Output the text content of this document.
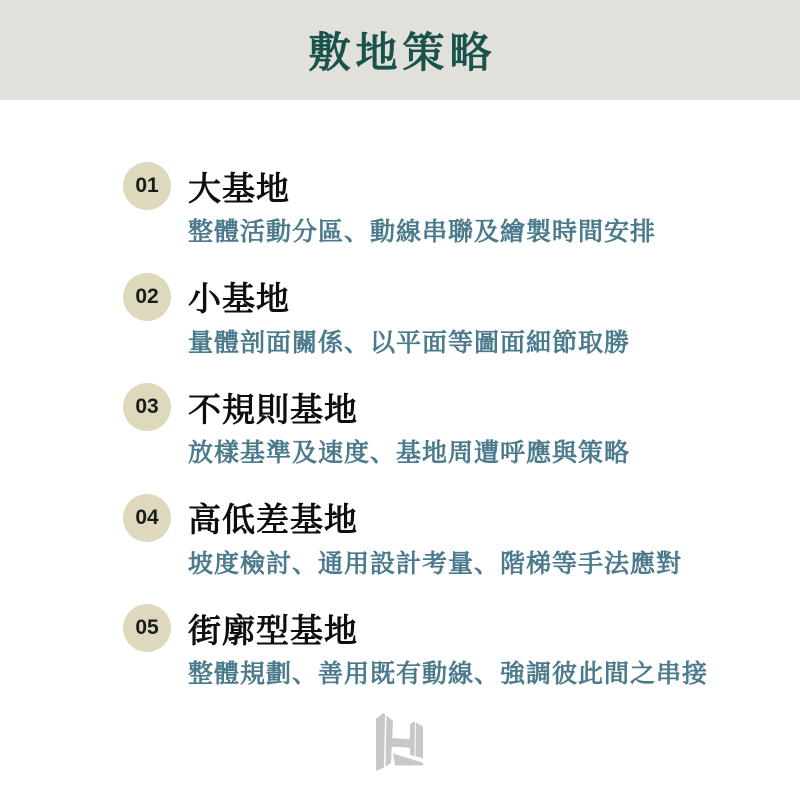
敷地策略
01 大基地
整體活動分區、動線串聯及繪製時間安排
02 小基地
量體剖面關係、以平面等圖面細節取勝
03 不規則基地
放樣基準及速度、基地周遭呼應與策略
04 高低差基地
坡度檢討、通用設計考量、階梯等手法應對
05 街廓型基地
整體規劃、善用既有動線、強調彼此間之串接
